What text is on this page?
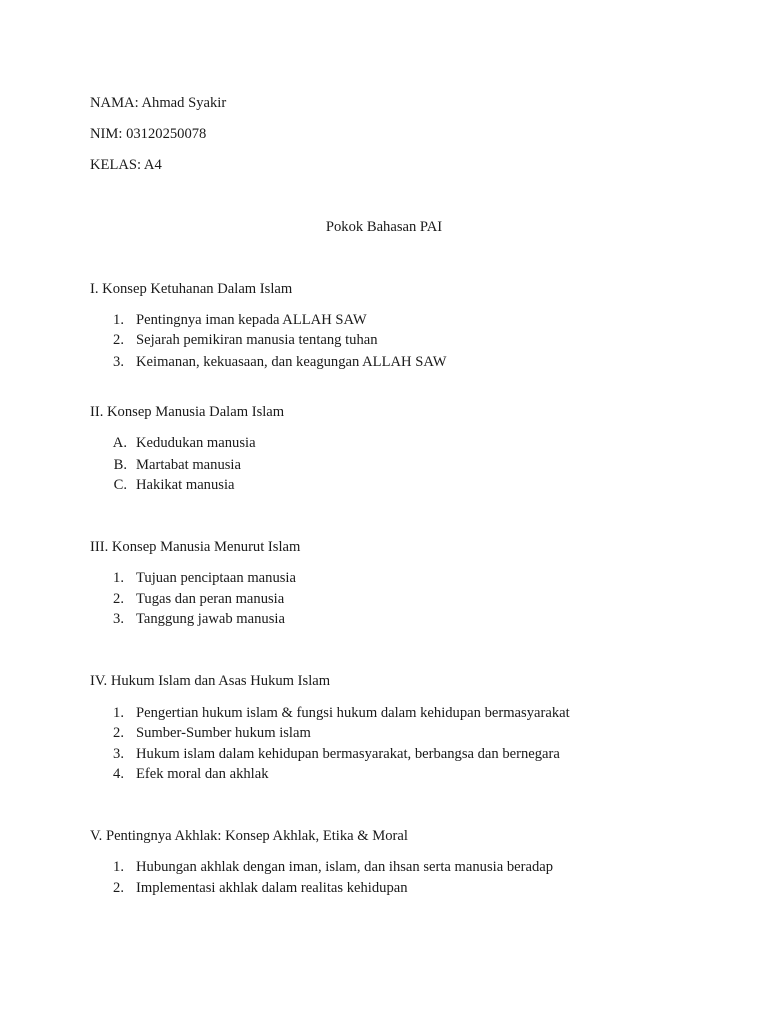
NAMA: Ahmad Syakir
NIM: 03120250078
KELAS: A4
Pokok Bahasan PAI
I. Konsep Ketuhanan Dalam Islam
1. Pentingnya iman kepada ALLAH SAW
2. Sejarah pemikiran manusia tentang tuhan
3. Keimanan, kekuasaan, dan keagungan ALLAH SAW
II. Konsep Manusia Dalam Islam
A. Kedudukan manusia
B. Martabat manusia
C. Hakikat manusia
III. Konsep Manusia Menurut Islam
1. Tujuan penciptaan manusia
2. Tugas dan peran manusia
3. Tanggung jawab manusia
IV. Hukum Islam dan Asas Hukum Islam
1. Pengertian hukum islam & fungsi hukum dalam kehidupan bermasyarakat
2. Sumber-Sumber hukum islam
3. Hukum islam dalam kehidupan bermasyarakat, berbangsa dan bernegara
4. Efek moral dan akhlak
V. Pentingnya Akhlak: Konsep Akhlak, Etika & Moral
1. Hubungan akhlak dengan iman, islam, dan ihsan serta manusia beradap
2. Implementasi akhlak dalam realitas kehidupan
